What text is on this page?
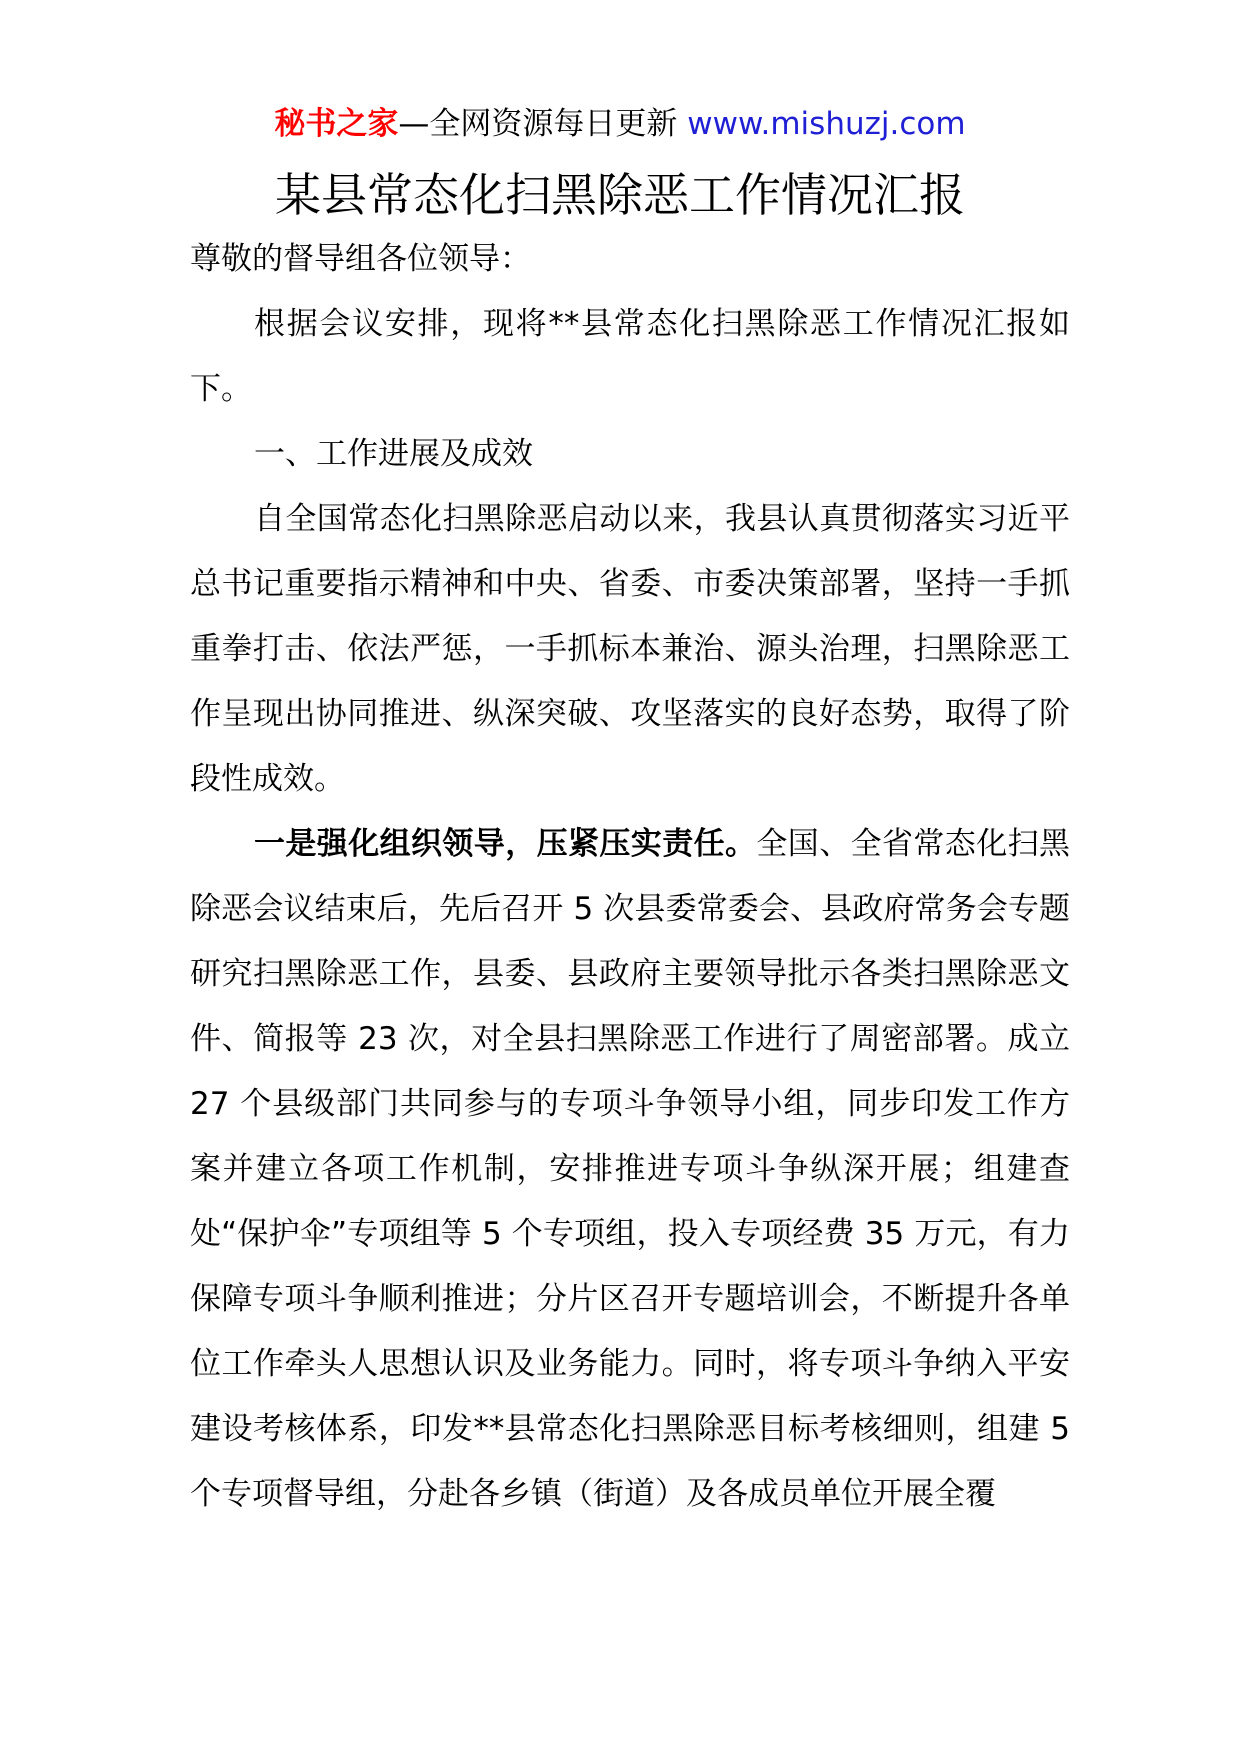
秘书之家—全网资源每日更新 www.mishuzj.com
某县常态化扫黑除恶工作情况汇报

尊敬的督导组各位领导：

根据会议安排，现将**县常态化扫黑除恶工作情况汇报如下。

一、工作进展及成效

自全国常态化扫黑除恶启动以来，我县认真贯彻落实习近平总书记重要指示精神和中央、省委、市委决策部署，坚持一手抓重拳打击、依法严惩，一手抓标本兼治、源头治理，扫黑除恶工作呈现出协同推进、纵深突破、攻坚落实的良好态势，取得了阶段性成效。

一是强化组织领导，压紧压实责任。全国、全省常态化扫黑除恶会议结束后，先后召开 5 次县委常委会、县政府常务会专题研究扫黑除恶工作，县委、县政府主要领导批示各类扫黑除恶文件、简报等 23 次，对全县扫黑除恶工作进行了周密部署。成立 27 个县级部门共同参与的专项斗争领导小组，同步印发工作方案并建立各项工作机制，安排推进专项斗争纵深开展；组建查处“保护伞”专项组等 5 个专项组，投入专项经费 35 万元，有力保障专项斗争顺利推进；分片区召开专题培训会，不断提升各单位工作牵头人思想认识及业务能力。同时，将专项斗争纳入平安建设考核体系，印发**县常态化扫黑除恶目标考核细则，组建 5 个专项督导组，分赴各乡镇（街道）及各成员单位开展全覆
